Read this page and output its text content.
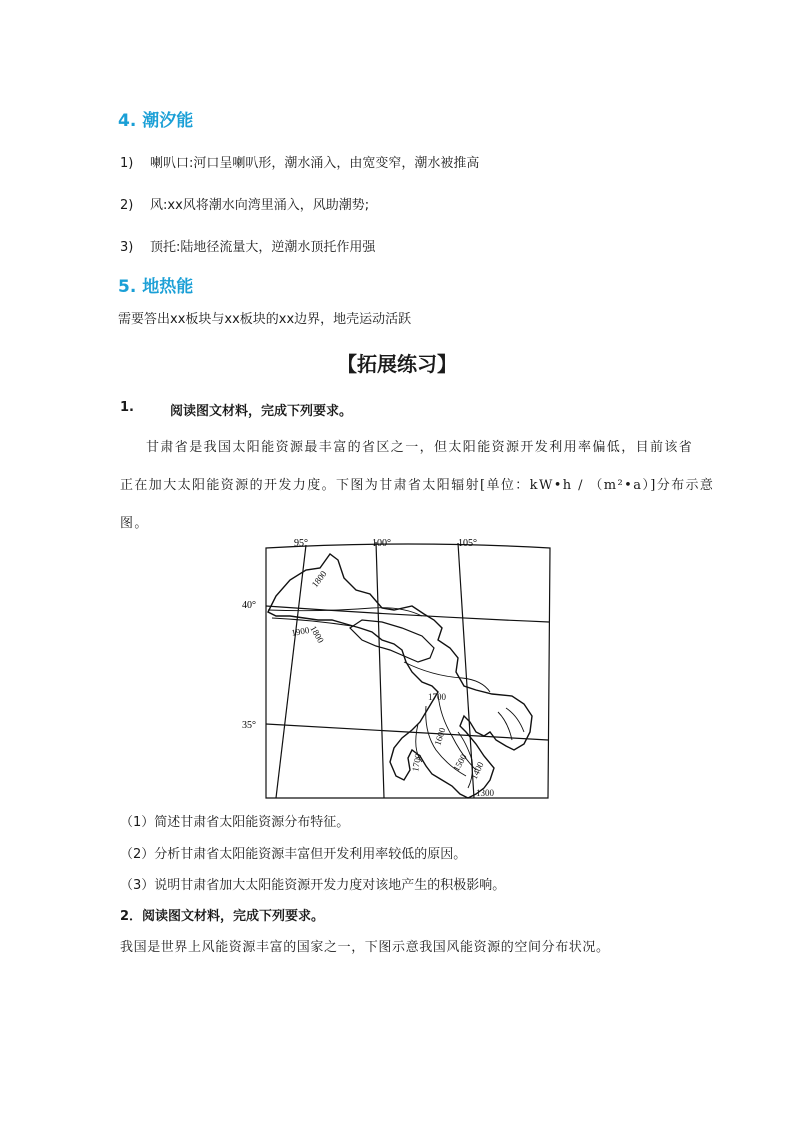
4. 潮汐能
1) 喇叭口:河口呈喇叭形，潮水涌入，由宽变窄，潮水被推高
2) 风:xx风将潮水向湾里涌入，风助潮势;
3) 顶托:陆地径流量大，逆潮水顶托作用强
5. 地热能
需要答出xx板块与xx板块的xx边界，地壳运动活跃
【拓展练习】
1.	阅读图文材料，完成下列要求。
甘肃省是我国太阳能资源最丰富的省区之一，但太阳能资源开发利用率偏低，目前该省
正在加大太阳能资源的开发力度。下图为甘肃省太阳辐射[单位：kW•h / （m²•a）]分布示意
图。
95°	100°	105°
40°
35°
1800
1800
1900
1700
1600
1700	1500 1400
1300
（1）简述甘肃省太阳能资源分布特征。
（2）分析甘肃省太阳能资源丰富但开发利用率较低的原因。
（3）说明甘肃省加大太阳能资源开发力度对该地产生的积极影响。
2．阅读图文材料，完成下列要求。
我国是世界上风能资源丰富的国家之一，下图示意我国风能资源的空间分布状况。
